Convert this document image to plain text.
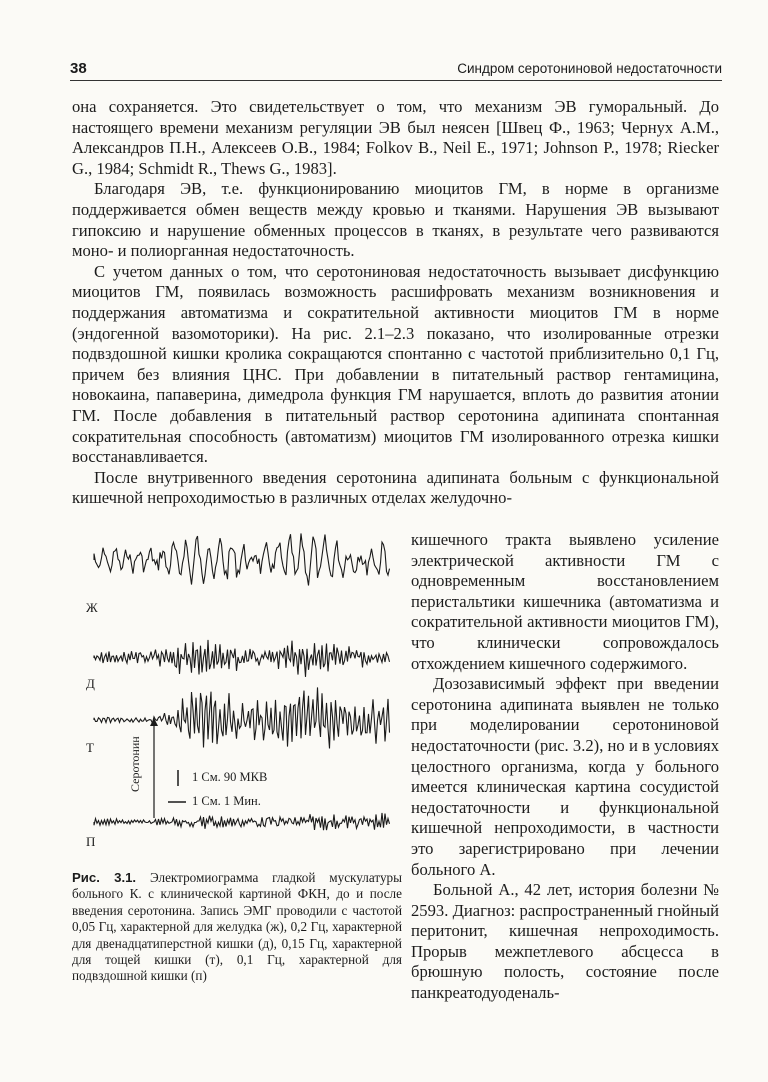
38	Синдром серотониновой недостаточности

она сохраняется. Это свидетельствует о том, что механизм ЭВ гуморальный. До настоящего времени механизм регуляции ЭВ был неясен [Швец Ф., 1963; Чернух А.М., Александров П.Н., Алексеев О.В., 1984; Folkov B., Neil E., 1971; Johnson P., 1978; Riecker G., 1984; Schmidt R., Thews G., 1983].

Благодаря ЭВ, т.е. функционированию миоцитов ГМ, в норме в организме поддерживается обмен веществ между кровью и тканями. Нарушения ЭВ вызывают гипоксию и нарушение обменных процессов в тканях, в результате чего развиваются моно- и полиорганная недостаточность.

С учетом данных о том, что серотониновая недостаточность вызывает дисфункцию миоцитов ГМ, появилась возможность расшифровать механизм возникновения и поддержания автоматизма и сократительной активности миоцитов ГМ в норме (эндогенной вазомоторики). На рис. 2.1–2.3 показано, что изолированные отрезки подвздошной кишки кролика сокращаются спонтанно с частотой приблизительно 0,1 Гц, причем без влияния ЦНС. При добавлении в питательный раствор гентамицина, новокаина, папаверина, димедрола функция ГМ нарушается, вплоть до развития атонии ГМ. После добавления в питательный раствор серотонина адипината спонтанная сократительная способность (автоматизм) миоцитов ГМ изолированного отрезка кишки восстанавливается.

После внутривенного введения серотонина адипината больным с функциональной кишечной непроходимостью в различных отделах желудочно-

Ж
Д
Т
П
1 См. 90 МКВ
1 См. 1 Мин.
Серотонин

кишечного тракта выявлено усиление электрической активности ГМ с одновременным восстановлением перистальтики кишечника (автоматизма и сократительной активности миоцитов ГМ), что клинически сопровождалось отхождением кишечного содержимого.

Дозозависимый эффект при введении серотонина адипината выявлен не только при моделировании серотониновой недостаточности (рис. 3.2), но и в условиях целостного организма, когда у больного имеется клиническая картина сосудистой недостаточности и функциональной кишечной непроходимости, в частности это зарегистрировано при лечении больного А.

Больной А., 42 лет, история болезни № 2593. Диагноз: распространенный гнойный перитонит, кишечная непроходимость. Прорыв межпетлевого абсцесса в брюшную полость, состояние после панкреатодуоденаль-

Рис. 3.1. Электромиограмма гладкой мускулатуры больного К. с клинической картиной ФКН, до и после введения серотонина. Запись ЭМГ проводили с частотой 0,05 Гц, характерной для желудка (ж), 0,2 Гц, характерной для двенадцатиперстной кишки (д), 0,15 Гц, характерной для тощей кишки (т), 0,1 Гц, характерной для подвздошной кишки (п)
